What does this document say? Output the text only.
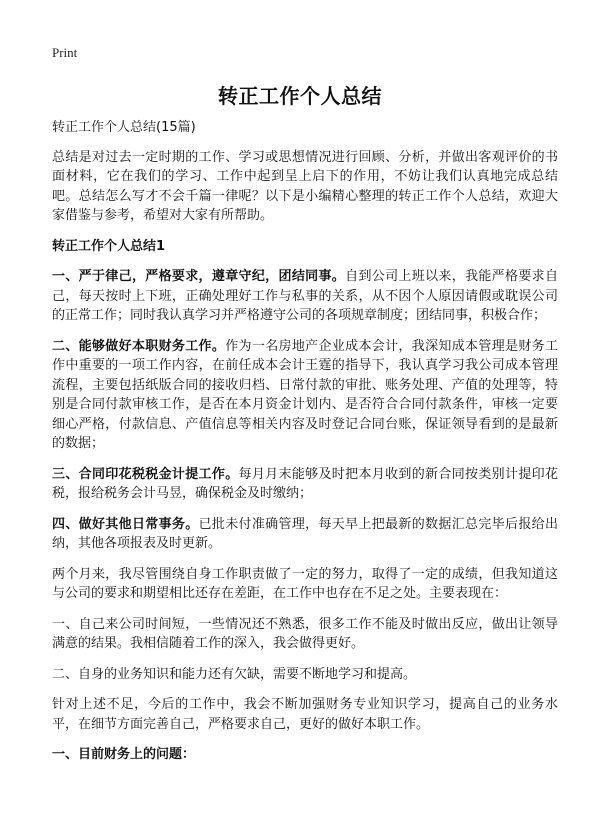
Print
转正工作个人总结

转正工作个人总结(15篇)

总结是对过去一定时期的工作、学习或思想情况进行回顾、分析，并做出客观评价的书面材料，它在我们的学习、工作中起到呈上启下的作用，不妨让我们认真地完成总结吧。总结怎么写才不会千篇一律呢？以下是小编精心整理的转正工作个人总结，欢迎大家借鉴与参考，希望对大家有所帮助。

转正工作个人总结1

一、严于律己，严格要求，遵章守纪，团结同事。自到公司上班以来，我能严格要求自己，每天按时上下班，正确处理好工作与私事的关系，从不因个人原因请假或耽误公司的正常工作；同时我认真学习并严格遵守公司的各项规章制度；团结同事，积极合作；

二、能够做好本职财务工作。作为一名房地产企业成本会计，我深知成本管理是财务工作中重要的一项工作内容，在前任成本会计王霆的指导下，我认真学习我公司成本管理流程，主要包括纸版合同的接收归档、日常付款的审批、账务处理、产值的处理等，特别是合同付款审核工作，是否在本月资金计划内、是否符合合同付款条件，审核一定要细心严格，付款信息、产值信息等相关内容及时登记合同台账，保证领导看到的是最新的数据；

三、合同印花税税金计提工作。每月月末能够及时把本月收到的新合同按类别计提印花税，报给税务会计马昱，确保税金及时缴纳；

四、做好其他日常事务。已批未付准确管理，每天早上把最新的数据汇总完毕后报给出纳，其他各项报表及时更新。

两个月来，我尽管围绕自身工作职责做了一定的努力，取得了一定的成绩，但我知道这与公司的要求和期望相比还存在差距，在工作中也存在不足之处。主要表现在：

一、自己来公司时间短，一些情况还不熟悉，很多工作不能及时做出反应，做出让领导满意的结果。我相信随着工作的深入，我会做得更好。

二、自身的业务知识和能力还有欠缺，需要不断地学习和提高。

针对上述不足，今后的工作中，我会不断加强财务专业知识学习，提高自己的业务水平，在细节方面完善自己，严格要求自己，更好的做好本职工作。

一、目前财务上的问题：
